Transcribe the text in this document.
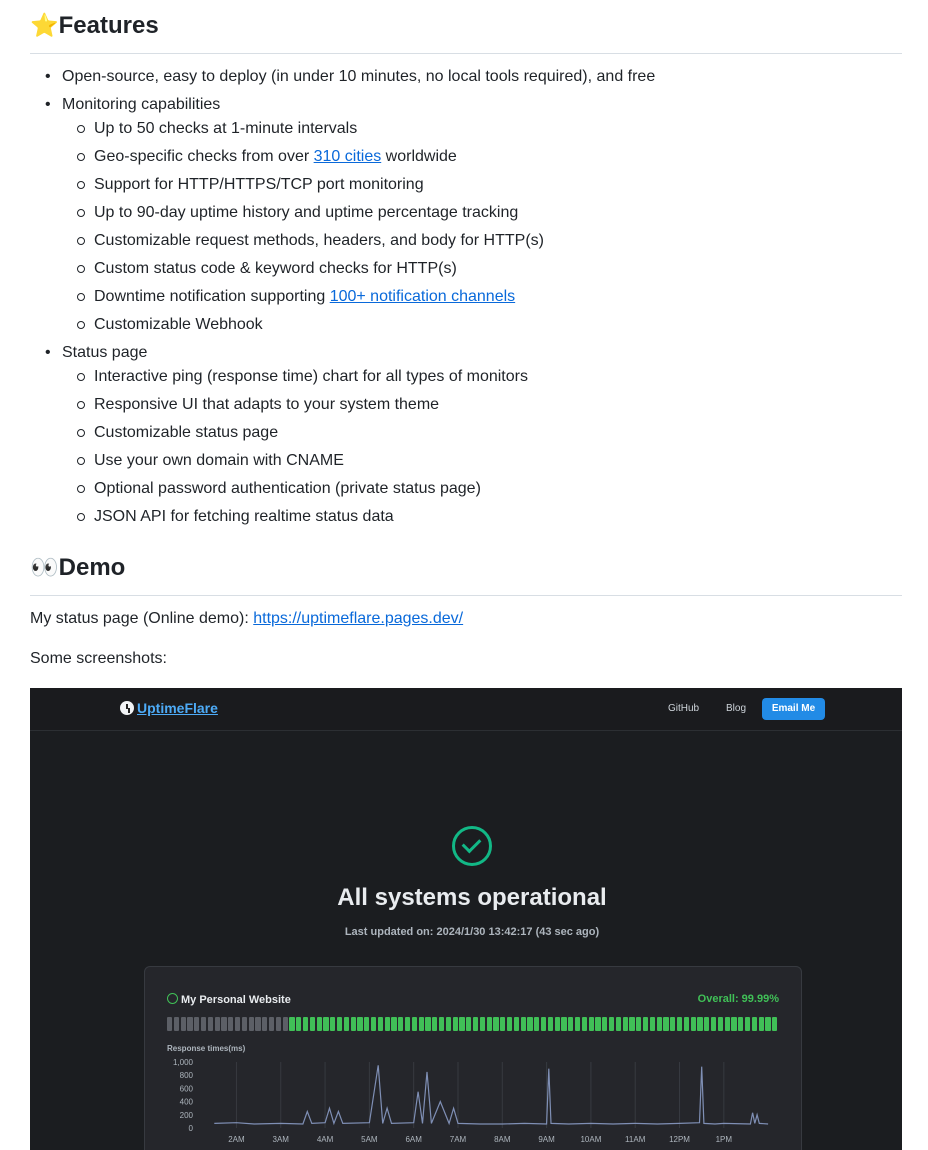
⭐Features
• Open-source, easy to deploy (in under 10 minutes, no local tools required), and free
• Monitoring capabilities
Up to 50 checks at 1-minute intervals
Geo-specific checks from over 310 cities worldwide
Support for HTTP/HTTPS/TCP port monitoring
Up to 90-day uptime history and uptime percentage tracking
Customizable request methods, headers, and body for HTTP(s)
Custom status code & keyword checks for HTTP(s)
Downtime notification supporting 100+ notification channels
Customizable Webhook
• Status page
Interactive ping (response time) chart for all types of monitors
Responsive UI that adapts to your system theme
Customizable status page
Use your own domain with CNAME
Optional password authentication (private status page)
JSON API for fetching realtime status data
👀Demo
My status page (Online demo): https://uptimeflare.pages.dev/
Some screenshots:
UptimeFlare	GitHub	Blog	Email Me
All systems operational
Last updated on: 2024/1/30 13:42:17 (43 sec ago)
My Personal Website	Overall: 99.99%
Response times(ms)
2AM	3AM	4AM	5AM	6AM	7AM	8AM	9AM	10AM	11AM	12PM	1PM
1,000
800
600
400
200
0
